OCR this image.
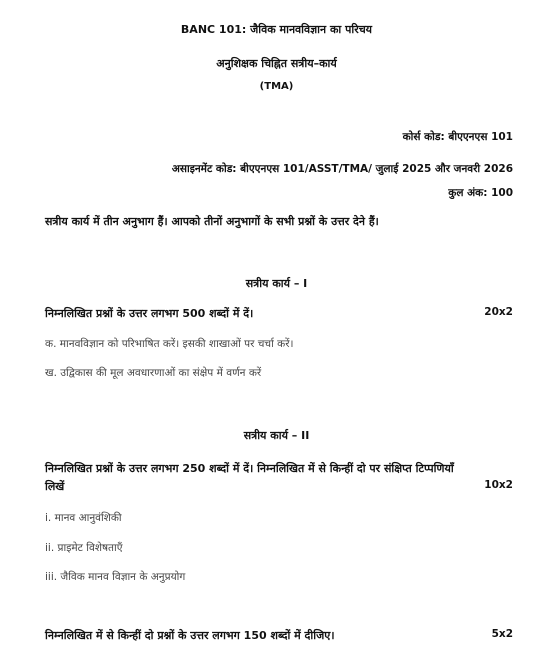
BANC 101: जैविक मानवविज्ञान का परिचय
अनुशिक्षक चिह्नित सत्रीय–कार्य
(TMA)
कोर्स कोड: बीएएनएस 101
असाइनमेंट कोड: बीएएनएस 101/ASST/TMA/ जुलाई 2025 और जनवरी 2026
कुल अंक: 100
सत्रीय कार्य में तीन अनुभाग हैं। आपको तीनों अनुभागों के सभी प्रश्नों के उत्तर देने हैं।
सत्रीय कार्य – I
निम्नलिखित प्रश्नों के उत्तर लगभग 500 शब्दों में दें।	20x2
क. मानवविज्ञान को परिभाषित करें। इसकी शाखाओं पर चर्चा करें।
ख. उद्विकास की मूल अवधारणाओं का संक्षेप में वर्णन करें
सत्रीय कार्य – II
निम्नलिखित प्रश्नों के उत्तर लगभग 250 शब्दों में दें। निम्नलिखित में से किन्हीं दो पर संक्षिप्त टिप्पणियाँ
लिखें	10x2
i. मानव आनुवंशिकी
ii. प्राइमेट विशेषताएँ
iii. जैविक मानव विज्ञान के अनुप्रयोग
निम्नलिखित में से किन्हीं दो प्रश्नों के उत्तर लगभग 150 शब्दों में दीजिए।	5x2
